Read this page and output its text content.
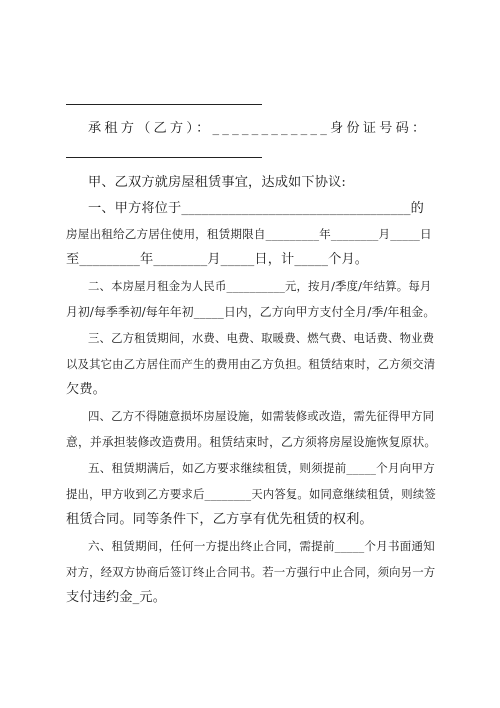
承租方（乙方）：____________身份证号码：
甲、乙双方就房屋租赁事宜，达成如下协议:
一、甲方将位于__________________________________的
房屋出租给乙方居住使用，租赁期限自_________年________月_____日
至_________年________月_____日，计_____个月。
二、本房屋月租金为人民币__________元，按月/季度/年结算。每月
月初/每季季初/每年年初_____日内，乙方向甲方支付全月/季/年租金。
三、乙方租赁期间，水费、电费、取暖费、燃气费、电话费、物业费
以及其它由乙方居住而产生的费用由乙方负担。租赁结束时，乙方须交清
欠费。
四、乙方不得随意损坏房屋设施，如需装修或改造，需先征得甲方同
意，并承担装修改造费用。租赁结束时，乙方须将房屋设施恢复原状。
五、租赁期满后，如乙方要求继续租赁，则须提前_____个月向甲方
提出，甲方收到乙方要求后________天内答复。如同意继续租赁，则续签
租赁合同。同等条件下，乙方享有优先租赁的权利。
六、租赁期间，任何一方提出终止合同，需提前_____个月书面通知
对方，经双方协商后签订终止合同书。若一方强行中止合同，须向另一方
支付违约金_元。
